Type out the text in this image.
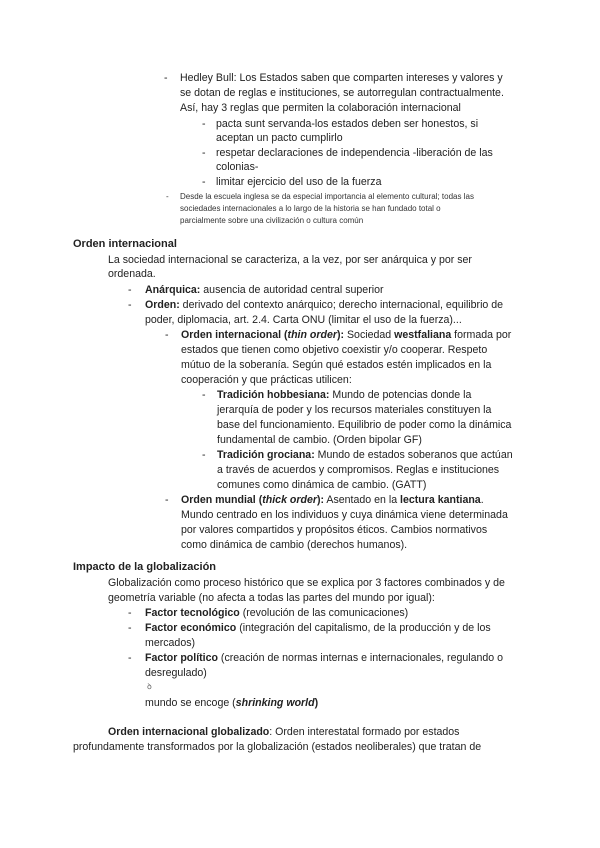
- Hedley Bull: Los Estados saben que comparten intereses y valores y
se dotan de reglas e instituciones, se autorregulan contractualmente.
Así, hay 3 reglas que permiten la colaboración internacional
- pacta sunt servanda-los estados deben ser honestos, si
aceptan un pacto cumplirlo
- respetar declaraciones de independencia -liberación de las
colonias-
- limitar ejercicio del uso de la fuerza
- Desde la escuela inglesa se da especial importancia al elemento cultural; todas las
sociedades internacionales a lo largo de la historia se han fundado total o
parcialmente sobre una civilización o cultura común
Orden internacional
La sociedad internacional se caracteriza, a la vez, por ser anárquica y por ser
ordenada.
- Anárquica: ausencia de autoridad central superior
- Orden: derivado del contexto anárquico; derecho internacional, equilibrio de
poder, diplomacia, art. 2.4. Carta ONU (limitar el uso de la fuerza)...
- Orden internacional (thin order): Sociedad westfaliana formada por
estados que tienen como objetivo coexistir y/o cooperar. Respeto
mútuo de la soberanía. Según qué estados estén implicados en la
cooperación y que prácticas utilicen:
- Tradición hobbesiana: Mundo de potencias donde la
jerarquía de poder y los recursos materiales constituyen la
base del funcionamiento. Equilibrio de poder como la dinámica
fundamental de cambio. (Orden bipolar GF)
- Tradición grociana: Mundo de estados soberanos que actúan
a través de acuerdos y compromisos. Reglas e instituciones
comunes como dinámica de cambio. (GATT)
- Orden mundial (thick order): Asentado en la lectura kantiana.
Mundo centrado en los individuos y cuya dinámica viene determinada
por valores compartidos y propósitos éticos. Cambios normativos
como dinámica de cambio (derechos humanos).
Impacto de la globalización
Globalización como proceso histórico que se explica por 3 factores combinados y de
geometría variable (no afecta a todas las partes del mundo por igual):
- Factor tecnológico (revolución de las comunicaciones)
- Factor económico (integración del capitalismo, de la producción y de los
mercados)
- Factor político (creación de normas internas e internacionales, regulando o
desregulado)
ꝺ
mundo se encoge (shrinking world)
Orden internacional globalizado: Orden interestatal formado por estados
profundamente transformados por la globalización (estados neoliberales) que tratan de
